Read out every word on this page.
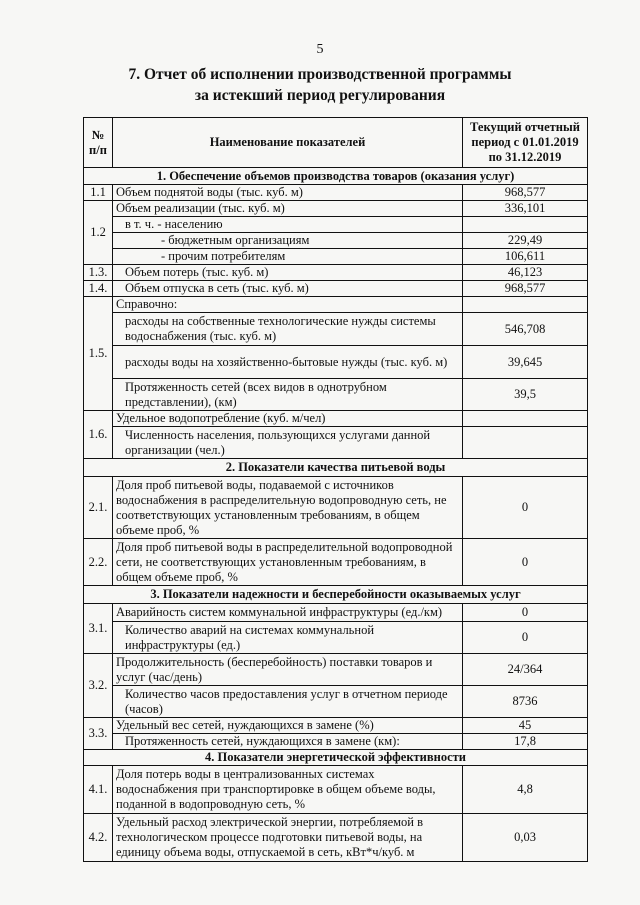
5
7. Отчет об исполнении производственной программы
за истекший период регулирования
№ п/п	Наименование показателей	Текущий отчетный период с 01.01.2019 по 31.12.2019
1. Обеспечение объемов производства товаров (оказания услуг)		
1.1	Объем поднятой воды (тыс. куб. м)	968,577
1.2	Объем реализации (тыс. куб. м)	336,101
	в т. ч. - населению	
	- бюджетным организациям	229,49
	- прочим потребителям	106,611
1.3.	Объем потерь (тыс. куб. м)	46,123
1.4.	Объем отпуска в сеть (тыс. куб. м)	968,577
1.5.	Справочно:	
	расходы на собственные технологические нужды системы водоснабжения (тыс. куб. м)	546,708
	расходы воды на хозяйственно-бытовые нужды (тыс. куб. м)	39,645
	Протяженность сетей (всех видов в однотрубном представлении), (км)	39,5
1.6.	Удельное водопотребление (куб. м/чел)	
	Численность населения, пользующихся услугами данной организации (чел.)	
2. Показатели качества питьевой воды		
2.1.	Доля проб питьевой воды, подаваемой с источников водоснабжения в распределительную водопроводную сеть, не соответствующих установленным требованиям, в общем объеме проб, %	0
2.2.	Доля проб питьевой воды в распределительной водопроводной сети, не соответствующих установленным требованиям, в общем объеме проб, %	0
3. Показатели надежности и бесперебойности оказываемых услуг		
3.1.	Аварийность систем коммунальной инфраструктуры (ед./км)	0
	Количество аварий на системах коммунальной инфраструктуры (ед.)	0
3.2.	Продолжительность (бесперебойность) поставки товаров и услуг (час/день)	24/364
	Количество часов предоставления услуг в отчетном периоде (часов)	8736
3.3.	Удельный вес сетей, нуждающихся в замене (%)	45
	Протяженность сетей, нуждающихся в замене (км):	17,8
4. Показатели энергетической эффективности		
4.1.	Доля потерь воды в централизованных системах водоснабжения при транспортировке в общем объеме воды, поданной в водопроводную сеть, %	4,8
4.2.	Удельный расход электрической энергии, потребляемой в технологическом процессе подготовки питьевой воды, на единицу объема воды, отпускаемой в сеть, кВт*ч/куб. м	0,03
